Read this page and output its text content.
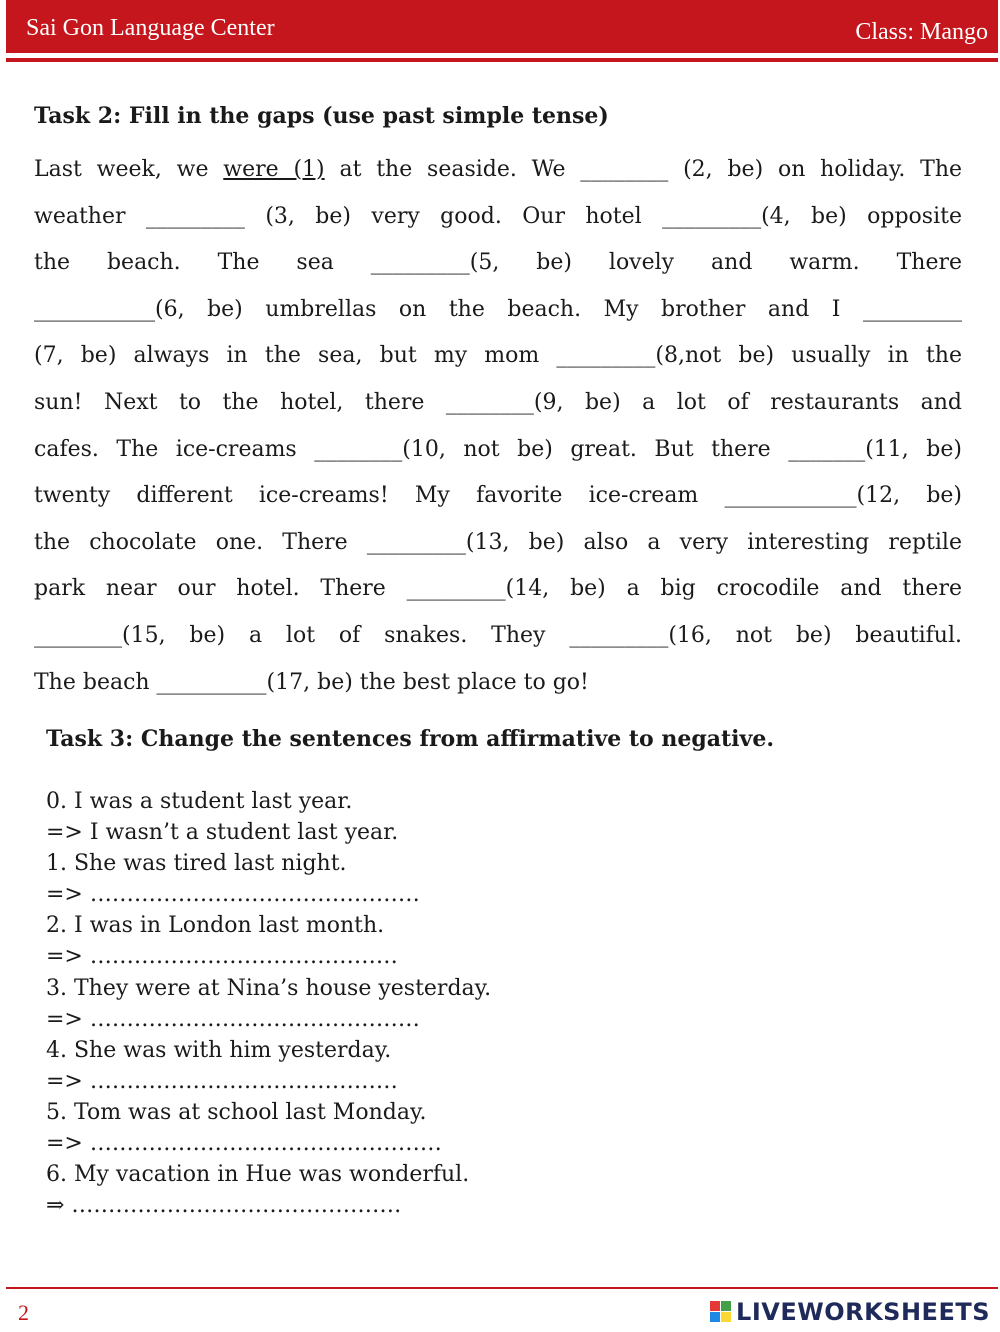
Sai Gon Language Center	Class: Mango
Task 2: Fill in the gaps (use past simple tense)
Last week, we were (1) at the seaside. We ________ (2, be) on holiday. The
weather _________ (3, be) very good. Our hotel _________(4, be) opposite
the beach. The sea _________(5, be) lovely and warm. There
___________(6, be) umbrellas on the beach. My brother and I _________
(7, be) always in the sea, but my mom _________(8,not be) usually in the
sun! Next to the hotel, there ________(9, be) a lot of restaurants and
cafes. The ice-creams ________(10, not be) great. But there _______(11, be)
twenty different ice-creams! My favorite ice-cream ____________(12, be)
the chocolate one. There _________(13, be) also a very interesting reptile
park near our hotel. There _________(14, be) a big crocodile and there
________(15, be) a lot of snakes. They _________(16, not be) beautiful.
The beach __________(17, be) the best place to go!
Task 3: Change the sentences from affirmative to negative.
0. I was a student last year.
=> I wasn’t a student last year.
1. She was tired last night.
=> ………………………………………
2. I was in London last month.
=> ……………………………………
3. They were at Nina’s house yesterday.
=> ………………………………………
4. She was with him yesterday.
=> ……………………………………
5. Tom was at school last Monday.
=> …………………………………………
6. My vacation in Hue was wonderful.
⇒ ………………………………………
2	LIVEWORKSHEETS
